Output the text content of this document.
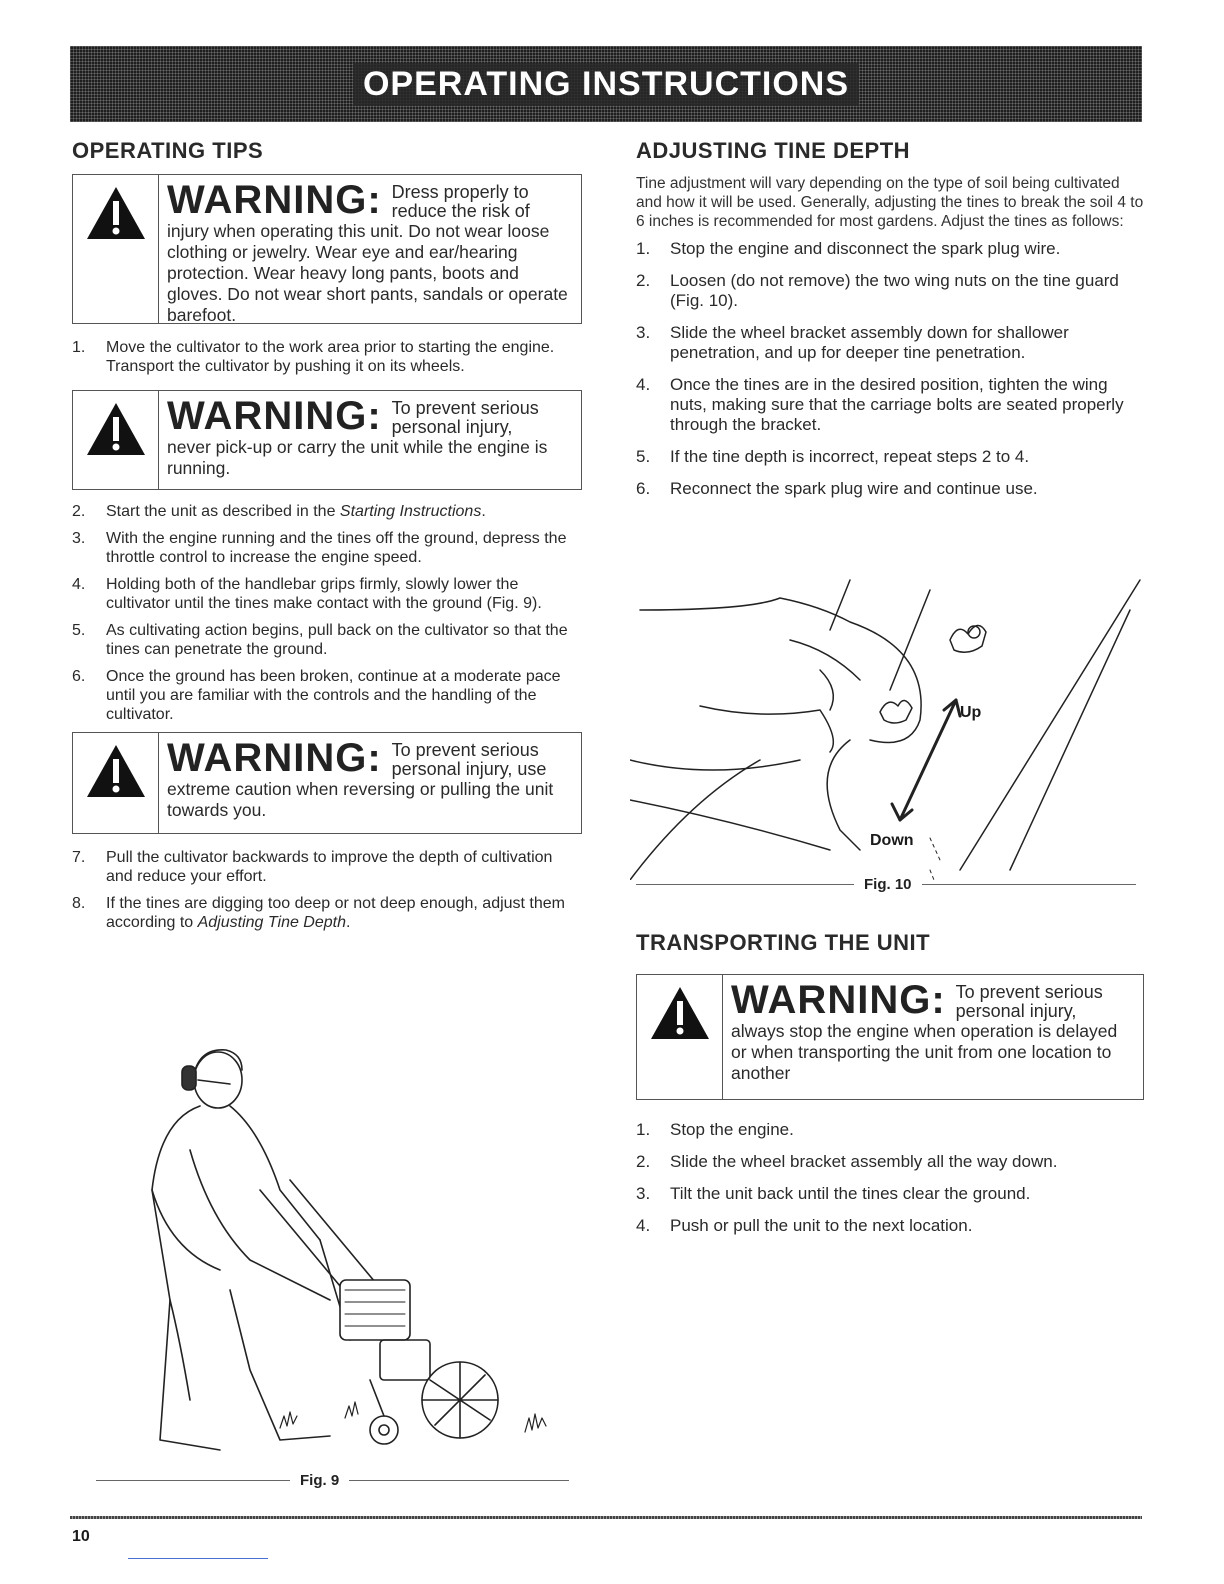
OPERATING INSTRUCTIONS
OPERATING TIPS
WARNING: Dress properly to reduce the risk of
injury when operating this unit. Do not wear loose clothing or jewelry. Wear eye and ear/hearing protection. Wear heavy long pants, boots and gloves. Do not wear short pants, sandals or operate barefoot.
1.	Move the cultivator to the work area prior to starting the engine. Transport the cultivator by pushing it on its wheels.
WARNING: To prevent serious personal injury,
never pick-up or carry the unit while the engine is running.
2.	Start the unit as described in the Starting Instructions.
3.	With the engine running and the tines off the ground, depress the throttle control to increase the engine speed.
4.	Holding both of the handlebar grips firmly, slowly lower the cultivator until the tines make contact with the ground (Fig. 9).
5.	As cultivating action begins, pull back on the cultivator so that the tines can penetrate the ground.
6.	Once the ground has been broken, continue at a moderate pace until you are familiar with the controls and the handling of the cultivator.
WARNING: To prevent serious personal injury, use
extreme caution when reversing or pulling the unit towards you.
7.	Pull the cultivator backwards to improve the depth of cultivation and reduce your effort.
8.	If the tines are digging too deep or not deep enough, adjust them according to Adjusting Tine Depth.
Fig. 9
ADJUSTING TINE DEPTH

Tine adjustment will vary depending on the type of soil being cultivated and how it will be used. Generally, adjusting the tines to break the soil 4 to 6 inches is recommended for most gardens. Adjust the tines as follows:

1.	Stop the engine and disconnect the spark plug wire.
2.	Loosen (do not remove) the two wing nuts on the tine guard (Fig. 10).
3.	Slide the wheel bracket assembly down for shallower penetration, and up for deeper tine penetration.
4.	Once the tines are in the desired position, tighten the wing nuts, making sure that the carriage bolts are seated properly through the bracket.
5.	If the tine depth is incorrect, repeat steps 2 to 4.
6.	Reconnect the spark plug wire and continue use.
Up
Down
Fig. 10
TRANSPORTING THE UNIT
WARNING: To prevent serious personal injury,
always stop the engine when operation is delayed or when transporting the unit from one location to another
1.	Stop the engine.
2.	Slide the wheel bracket assembly all the way down.
3.	Tilt the unit back until the tines clear the ground.
4.	Push or pull the unit to the next location.
10
